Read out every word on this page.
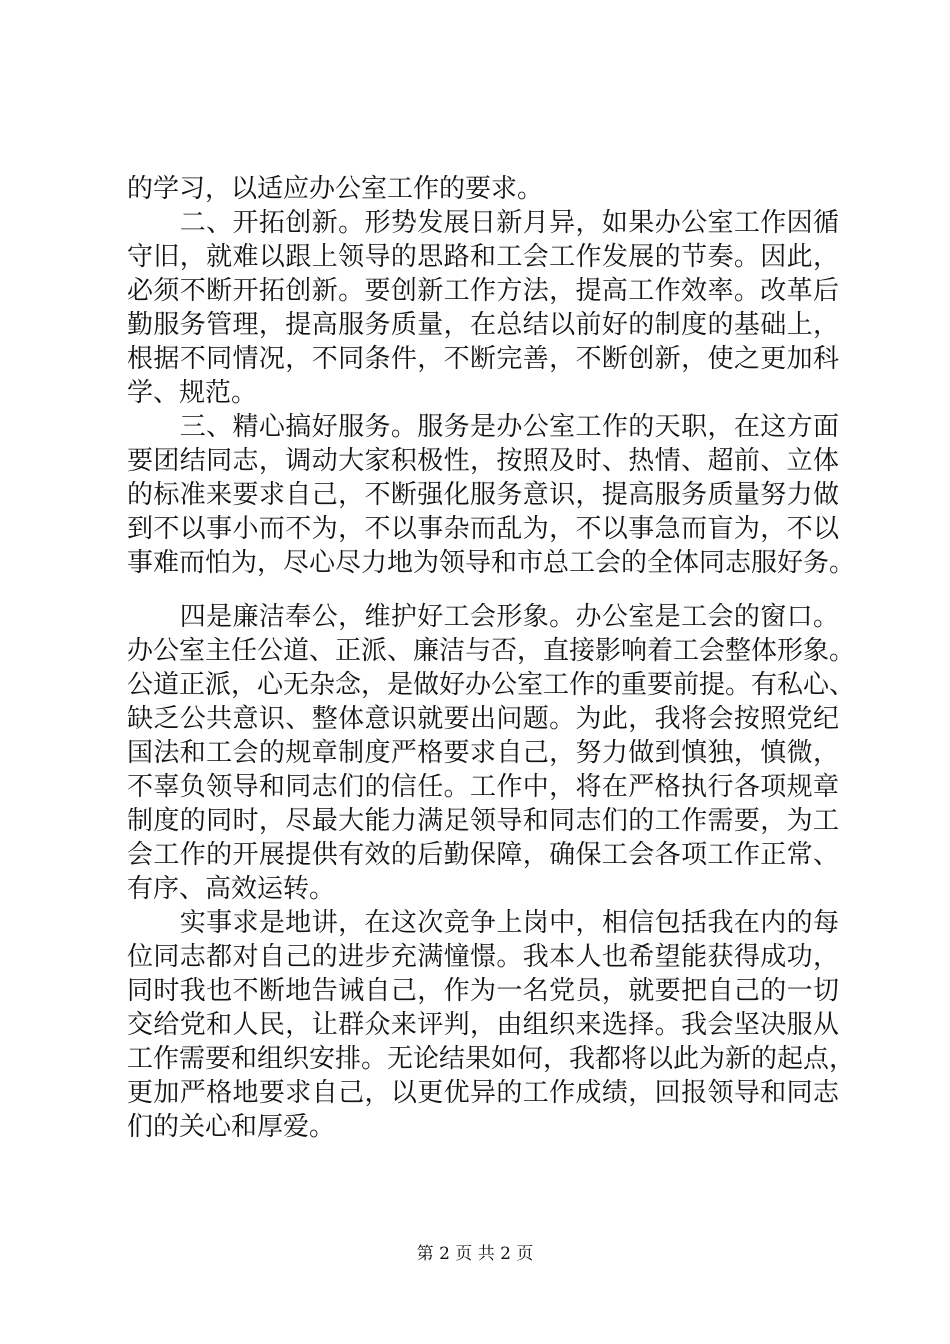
的学习，以适应办公室工作的要求。
　　二、开拓创新。形势发展日新月异，如果办公室工作因循
守旧，就难以跟上领导的思路和工会工作发展的节奏。因此，
必须不断开拓创新。要创新工作方法，提高工作效率。改革后
勤服务管理，提高服务质量，在总结以前好的制度的基础上，
根据不同情况，不同条件，不断完善，不断创新，使之更加科
学、规范。
　　三、精心搞好服务。服务是办公室工作的天职，在这方面
要团结同志，调动大家积极性，按照及时、热情、超前、立体
的标准来要求自己，不断强化服务意识，提高服务质量努力做
到不以事小而不为，不以事杂而乱为，不以事急而盲为，不以
事难而怕为，尽心尽力地为领导和市总工会的全体同志服好务。
　　四是廉洁奉公，维护好工会形象。办公室是工会的窗口。
办公室主任公道、正派、廉洁与否，直接影响着工会整体形象。
公道正派，心无杂念，是做好办公室工作的重要前提。有私心、
缺乏公共意识、整体意识就要出问题。为此，我将会按照党纪
国法和工会的规章制度严格要求自己，努力做到慎独，慎微，
不辜负领导和同志们的信任。工作中，将在严格执行各项规章
制度的同时，尽最大能力满足领导和同志们的工作需要，为工
会工作的开展提供有效的后勤保障，确保工会各项工作正常、
有序、高效运转。
　　实事求是地讲，在这次竞争上岗中，相信包括我在内的每
位同志都对自己的进步充满憧憬。我本人也希望能获得成功，
同时我也不断地告诫自己，作为一名党员，就要把自己的一切
交给党和人民，让群众来评判，由组织来选择。我会坚决服从
工作需要和组织安排。无论结果如何，我都将以此为新的起点，
更加严格地要求自己，以更优异的工作成绩，回报领导和同志
们的关心和厚爱。
第 2 页 共 2 页
